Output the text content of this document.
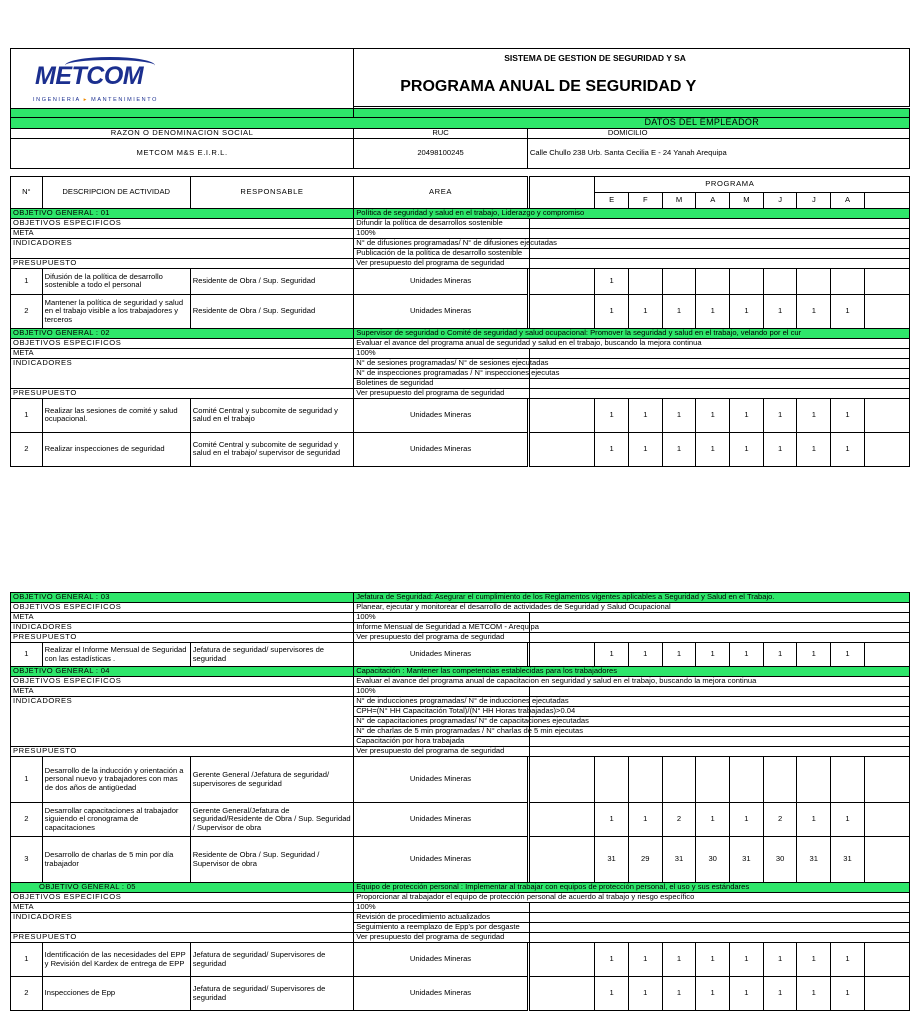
METCOM
INGENIERIA ▸ MANTENIMIENTO			SISTEMA DE GESTION DE SEGURIDAD Y SA											
			PROGRAMA ANUAL DE SEGURIDAD Y											

DATOS DEL EMPLEADOR														
RAZON O DENOMINACION SOCIAL			RUC	DOMICILIO										
METCOM M&S E.I.R.L.			20498100245	Calle Chullo 238 Urb. Santa Cecilia E - 24 Yanah Arequipa										

N°	DESCRIPCION DE ACTIVIDAD	RESPONSABLE	AREA			PROGRAMA								
						E	F	M	A	M	J	J	A	
OBJETIVO GENERAL : 01			Política de seguridad y salud en el trabajo, Liderazgo y compromiso											
OBJETIVOS ESPECIFICOS			Difundir la política de desarrollos sostenible											
META			100%											
INDICADORES			N° de difusiones programadas/ N° de difusiones ejecutadas											
			Publicación de la política de desarrollo sostenible											
PRESUPUESTO			Ver presupuesto del programa de seguridad											
1	Difusión de la política de desarrollo sostenible a todo el personal	Residente de Obra / Sup. Seguridad	Unidades Mineras			1								
2	Mantener la política de seguridad y salud en el trabajo visible a los trabajadores y terceros	Residente de Obra / Sup. Seguridad	Unidades Mineras			1	1	1	1	1	1	1	1	
OBJETIVO GENERAL : 02			Supervisor de seguridad o Comité de seguridad y salud ocupacional: Promover la seguridad y salud en el trabajo, velando por el cur											
OBJETIVOS ESPECIFICOS			Evaluar el avance del programa anual de seguridad y salud en el trabajo, buscando la mejora continua											
META			100%											
INDICADORES			N° de sesiones programadas/ N° de sesiones ejecutadas											
			N° de inspecciones programadas / N° inspecciones ejecutas											
			Boletines de seguridad											
PRESUPUESTO			Ver presupuesto del programa de seguridad											
1	Realizar las sesiones de comité y salud ocupacional.	Comité Central y subcomite de seguridad y salud en el trabajo	Unidades Mineras			1	1	1	1	1	1	1	1	
2	Realizar inspecciones de seguridad	Comité Central y subcomite de seguridad y salud en el trabajo/ supervisor de seguridad	Unidades Mineras			1	1	1	1	1	1	1	1	
OBJETIVO GENERAL : 03			Jefatura de Seguridad: Asegurar el cumplimiento de los Reglamentos vigentes aplicables a Seguridad y Salud en el Trabajo.											
OBJETIVOS ESPECIFICOS			Planear, ejecutar y monitorear el desarrollo de actividades de Seguridad y Salud Ocupacional											
META			100%											
INDICADORES			Informe Mensual de Seguridad a METCOM - Arequipa											
PRESUPUESTO			Ver presupuesto del programa de seguridad											
1	Realizar el Informe Mensual de Seguridad con las estadísticas .	Jefatura de seguridad/ supervisores de seguridad	Unidades Mineras			1	1	1	1	1	1	1	1	
OBJETIVO GENERAL : 04			Capacitación : Mantener las competencias establecidas para los trabajadores											
OBJETIVOS ESPECIFICOS			Evaluar el avance del programa anual de capacitacion en seguridad y salud en el trabajo, buscando la mejora continua											
META			100%											
INDICADORES			N° de inducciones programadas/ N° de inducciones ejecutadas											
			CPH=(N° HH Capacitación Total)/(N° HH Horas trabajadas)>0.04											
			N° de capacitaciones programadas/ N° de capacitaciones ejecutadas											
			N° de charlas de 5 min programadas / N° charlas de 5 min ejecutas											
			Capacitación por hora trabajada											
PRESUPUESTO			Ver presupuesto del programa de seguridad											
1	Desarrollo de la inducción y orientación a personal nuevo y trabajadores con mas de dos años de antigüedad	Gerente General /Jefatura de seguridad/ supervisores de seguridad	Unidades Mineras											
2	Desarrollar capacitaciones al trabajador siguiendo el cronograma de capacitaciones	Gerente General/Jefatura de seguridad/Residente de Obra / Sup. Seguridad / Supervisor de obra	Unidades Mineras			1	1	2	1	1	2	1	1	
3	Desarrollo de charlas de 5 min por día trabajador	Residente de Obra / Sup. Seguridad / Supervisor de obra	Unidades Mineras			31	29	31	30	31	30	31	31	
OBJETIVO GENERAL : 05			Equipo de protección personal : Implementar al trabajar con equipos de protección personal, el uso y sus estándares											
OBJETIVOS ESPECIFICOS			Proporcionar al trabajador el equipo de protección personal de acuerdo al trabajo y riesgo específico											
META			100%											
INDICADORES			Revisión de procedimiento actualizados											
			Seguimiento a reemplazo de Epp's por desgaste											
PRESUPUESTO			Ver presupuesto del programa de seguridad											
1	Identificación de las necesidades del EPP y Revisión del Kardex de entrega de EPP	Jefatura de seguridad/ Supervisores de seguridad	Unidades Mineras			1	1	1	1	1	1	1	1	
2	Inspecciones de Epp	Jefatura de seguridad/ Supervisores de seguridad	Unidades Mineras			1	1	1	1	1	1	1	1	
